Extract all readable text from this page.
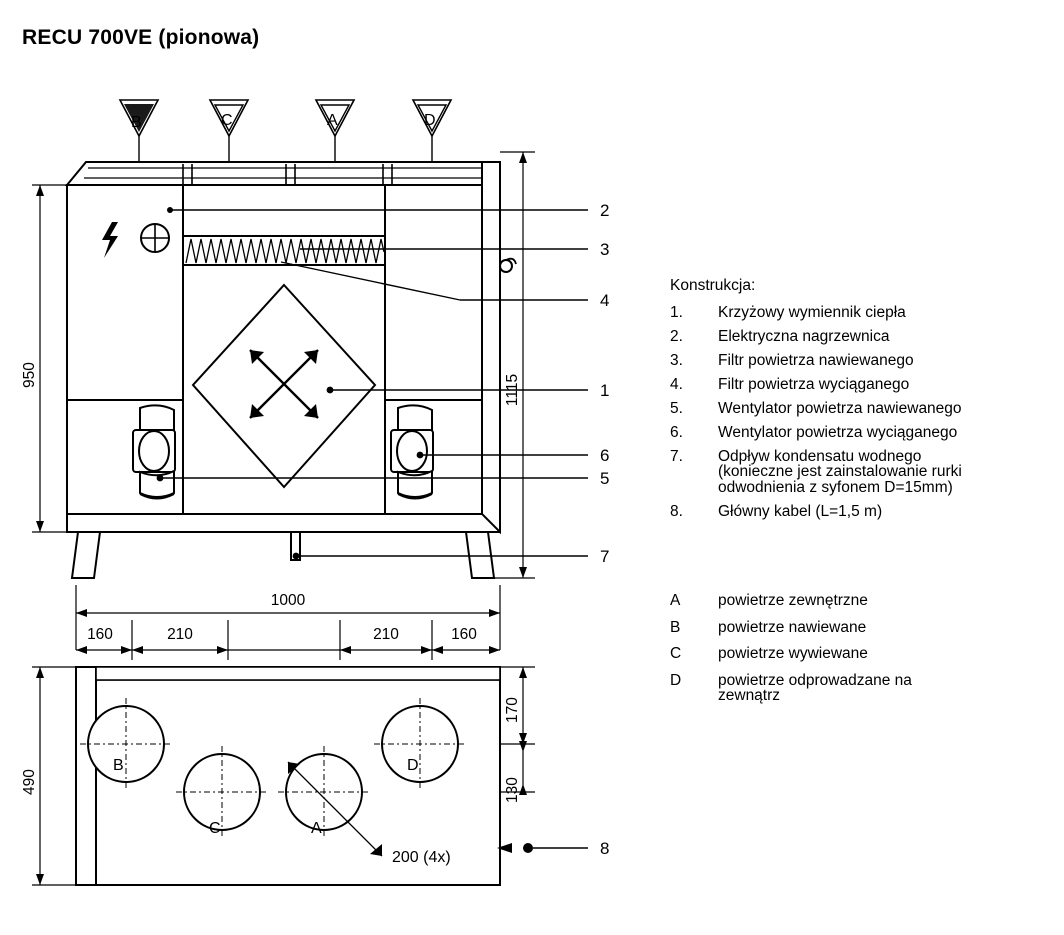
RECU 700VE (pionowa)
B	C	A	D
2
3
4
1
6
5
7
950	1115
1000
160	210	210	160
B	D
C	A
200 (4x)	8
490
170
130
Konstrukcja:
1.	Krzyżowy wymiennik ciepła
2.	Elektryczna nagrzewnica
3.	Filtr powietrza nawiewanego
4.	Filtr powietrza wyciąganego
5.	Wentylator powietrza nawiewanego
6.	Wentylator powietrza wyciąganego
7.	Odpływ kondensatu wodnego
(konieczne jest zainstalowanie rurki
odwodnienia z syfonem D=15mm)
8.	Główny kabel (L=1,5 m)
A	powietrze zewnętrzne
B	powietrze nawiewane
C	powietrze wywiewane
D	powietrze odprowadzane na
zewnątrz
